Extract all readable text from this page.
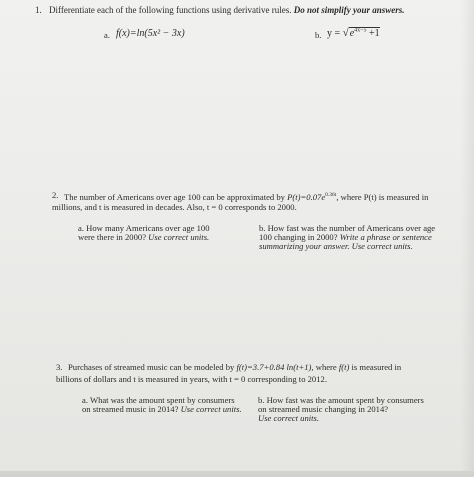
1. Differentiate each of the following functions using derivative rules. Do not simplify your answers.
a. f(x)=ln(5x² − 3x)	b. $y = √e^{4x-5} +1$
2. The number of Americans over age 100 can be approximated by $P(t)=0.07e^{0.36t}$, where P(t) is measured in
millions, and t is measured in decades. Also, t = 0 corresponds to 2000.
a. How many Americans over age 100
were there in 2000? Use correct units.
b. How fast was the number of Americans over age
100 changing in 2000? Write a phrase or sentence
summarizing your answer. Use correct units.
3. Purchases of streamed music can be modeled by f(t)=3.7+0.84 ln(t+1), where f(t) is measured in
billions of dollars and t is measured in years, with t = 0 corresponding to 2012.
a. What was the amount spent by consumers
on streamed music in 2014? Use correct units.
b. How fast was the amount spent by consumers
on streamed music changing in 2014?
Use correct units.
